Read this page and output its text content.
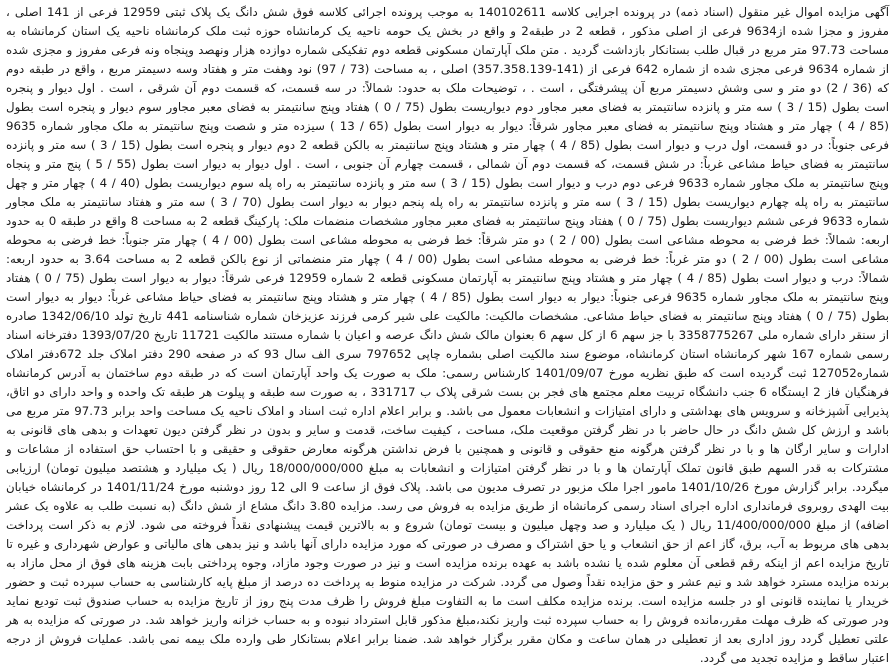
آگهی مزایده اموال غیر منقول (اسناد ذمه) در پرونده اجرایی کلاسه 140102611 به موجب پرونده اجرائی کلاسه فوق شش دانگ یک پلاک ثبتی 12959 فرعی از 141 اصلی ، مفروز و مجزا شده از9634 فرعی از اصلی مذکور ، قطعه 2 در طبقه2 و واقع در بخش یک حومه ناحیه یک کرمانشاه حوزه ثبت ملک کرمانشاه ناحیه یک استان کرمانشاه به مساحت 97.73 متر مربع در قبال طلب بستانکار بازداشت گردید . متن ملک آپارتمان مسکونی قطعه دوم تفکیکی شماره دوازده هزار ونهصد وپنجاه ونه فرعی مفروز و مجزی شده از شماره 9634 فرعی مجزی شده از شماره 642 فرعی از (141-357.358.139) اصلی ، به مساحت (73 / 97) نود وهفت متر و هفتاد وسه دسیمتر مربع ، واقع در طبقه دوم که (36 / 2) دو متر و سی وشش دسیمتر مربع آن پیشرفتگی ، است . ، توضیحات ملک به حدود: شمالاً: در سه قسمت، که قسمت دوم آن شرقی ، است . اول دیوار و پنجره است بطول (15 / 3 ) سه متر و پانزده سانتیمتر به فضای معبر مجاور دوم دیواریست بطول (75 / 0 ) هفتاد وپنج سانتیمتر به فضای معبر مجاور سوم دیوار و پنجره است بطول (85 / 4 ) چهار متر و هشتاد وپنج سانتیمتر به فضای معبر مجاور شرقاً: دیوار به دیوار است بطول (65 / 13 ) سیزده متر و شصت وپنج سانتیمتر به ملک مجاور شماره 9635 فرعی جنوباً: در دو قسمت، اول درب و دیوار است بطول (85 / 4 ) چهار متر و هشتاد وپنج سانتیمتر به بالکن قطعه 2 دوم دیوار و پنجره است بطول (15 / 3 ) سه متر و پانزده سانتیمتر به فضای حیاط مشاعی غرباً: در شش قسمت، که قسمت دوم آن شمالی ، قسمت چهارم آن جنوبی ، است . اول دیوار به دیوار است بطول (55 / 5 ) پنج متر و پنجاه وپنج سانتیمتر به ملک مجاور شماره 9633 فرعی دوم درب و دیوار است بطول (15 / 3 ) سه متر و پانزده سانتیمتر به راه پله سوم دیواریست بطول (40 / 4 ) چهار متر و چهل سانتیمتر به راه پله چهارم دیواریست بطول (15 / 3 ) سه متر و پانزده سانتیمتر به راه پله پنجم دیوار به دیوار است بطول (70 / 3 ) سه متر و هفتاد سانتیمتر به ملک مجاور شماره 9633 فرعی ششم دیواریست بطول (75 / 0 ) هفتاد وپنج سانتیمتر به فضای معبر مجاور مشخصات منضمات ملک: پارکینگ قطعه 2 به مساحت 8 واقع در طبقه 0 به حدود اربعه: شمالاً: خط فرضی به محوطه مشاعی است بطول (00 / 2 ) دو متر شرقاً: خط فرضی به محوطه مشاعی است بطول (00 / 4 ) چهار متر جنوباً: خط فرضی به محوطه مشاعی است بطول (00 / 2 ) دو متر غرباً: خط فرضی به محوطه مشاعی است بطول (00 / 4 ) چهار متر منضماتی از نوع بالکن قطعه 2 به مساحت 3.64 به حدود اربعه: شمالاً: درب و دیوار است بطول (85 / 4 ) چهار متر و هشتاد وپنج سانتیمتر به آپارتمان مسکونی قطعه 2 شماره 12959 فرعی شرقاً: دیوار به دیوار است بطول (75 / 0 ) هفتاد وپنج سانتیمتر به ملک مجاور شماره 9635 فرعی جنوباً: دیوار به دیوار است بطول (85 / 4 ) چهار متر و هشتاد وپنج سانتیمتر به فضای حیاط مشاعی غرباً: دیوار به دیوار است بطول (75 / 0 ) هفتاد وپنج سانتیمتر به فضای حیاط مشاعی. مشخصات مالکیت: مالکیت علی شیر کرمی فرزند عزیزخان شماره شناسنامه 441 تاریخ تولد 1342/06/10 صادره از سنقر دارای شماره ملی 3358775267 با جز سهم 6 از کل سهم 6 بعنوان مالک شش دانگ عرصه و اعیان با شماره مستند مالکیت 11721 تاریخ 1393/07/20 دفترخانه اسناد رسمی شماره 167 شهر کرمانشاه استان کرمانشاه، موضوع سند مالکیت اصلی بشماره چاپی 797652 سری الف سال 93 که در صفحه 290 دفتر املاک جلد 672دفتر املاک شماره127052 ثبت گردیده است که طبق نظریه مورخ 1401/09/07 کارشناس رسمی: ملک به صورت یک واحد آپارتمان است که در طبقه دوم ساختمان به آدرس کرمانشاه فرهنگیان فاز 2 ایستگاه 6 جنب دانشگاه تربیت معلم مجتمع های فجر بن بست شرقی پلاک ب 331717 ، به صورت سه طبقه و پیلوت هر طبقه تک واحده و واحد دارای دو اتاق، پذیرایی آشپزخانه و سرویس های بهداشتی و دارای امتیازات و انشعابات معمول می باشد. و برابر اعلام اداره ثبت اسناد و املاک ناحیه یک مساحت واحد برابر 97.73 متر مربع می باشد و ارزش کل شش دانگ در حال حاضر با در نظر گرفتن موقعیت ملک، مساحت ، کیفیت ساخت، قدمت و سایر و بدون در نظر گرفتن دیون تعهدات و بدهی های قانونی به ادارات و سایر ارگان ها و با در نظر گرفتن هرگونه منع حقوقی و قانونی و همچنین با فرض نداشتن هرگونه معارض حقوقی و حقیقی و با احتساب حق استفاده از مشاعات و مشترکات به قدر السهم طبق قانون تملک آپارتمان ها و با در نظر گرفتن امتیازات و انشعابات به مبلغ 18/000/000/000 ریال ( یک میلیارد و هشتصد میلیون تومان) ارزیابی میگردد. برابر گزارش مورخ 1401/10/26 مامور اجرا ملک مزبور در تصرف مدیون می باشد. پلاک فوق از ساعت 9 الی 12 روز دوشنبه مورخ 1401/11/24 در کرمانشاه خیابان بیت الهدی روبروی فرمانداری اداره اجرای اسناد رسمی کرمانشاه از طریق مزایده به فروش می رسد. مزایده 3.80 دانگ مشاع از شش دانگ (به نسبت طلب به علاوه یک عشر اضافه) از مبلغ 11/400/000/000 ریال ( یک میلیارد و صد وچهل میلیون و بیست تومان) شروع و به بالاترین قیمت پیشنهادی نقداً فروخته می شود. لازم به ذکر است پرداخت بدهی های مربوط به آب، برق، گاز اعم از حق انشعاب و یا حق اشتراک و مصرف در صورتی که مورد مزایده دارای آنها باشد و نیز بدهی های مالیاتی و عوارض شهرداری و غیره تا تاریخ مزایده اعم از اینکه رقم قطعی آن معلوم شده یا نشده باشد به عهده برنده مزایده است و نیز در صورت وجود مازاد، وجوه پرداختی بابت هزینه های فوق از محل مازاد به برنده مزایده مسترد خواهد شد و نیم عشر و حق مزایده نقداً وصول می گردد. شرکت در مزایده منوط به پرداخت ده درصد از مبلغ پایه کارشناسی به حساب سپرده ثبت و حضور خریدار یا نماینده قانونی او در جلسه مزایده است. برنده مزایده مکلف است ما به التفاوت مبلغ فروش را ظرف مدت پنج روز از تاریخ مزایده به حساب صندوق ثبت تودیع نماید ودر صورتی که ظرف مهلت مقرر،مانده فروش را به حساب سپرده ثبت واریز نکند،مبلغ مذکور قابل استرداد نبوده و به حساب خزانه واریز خواهد شد. در صورتی که مزایده به هر علتی تعطیل گردد روز اداری بعد از تعطیلی در همان ساعت و مکان مقرر برگزار خواهد شد. ضمنا برابر اعلام بستانکار طی وارده ملک بیمه نمی باشد. عملیات فروش از درجه اعتبار ساقط و مزایده تجدید می گردد.
